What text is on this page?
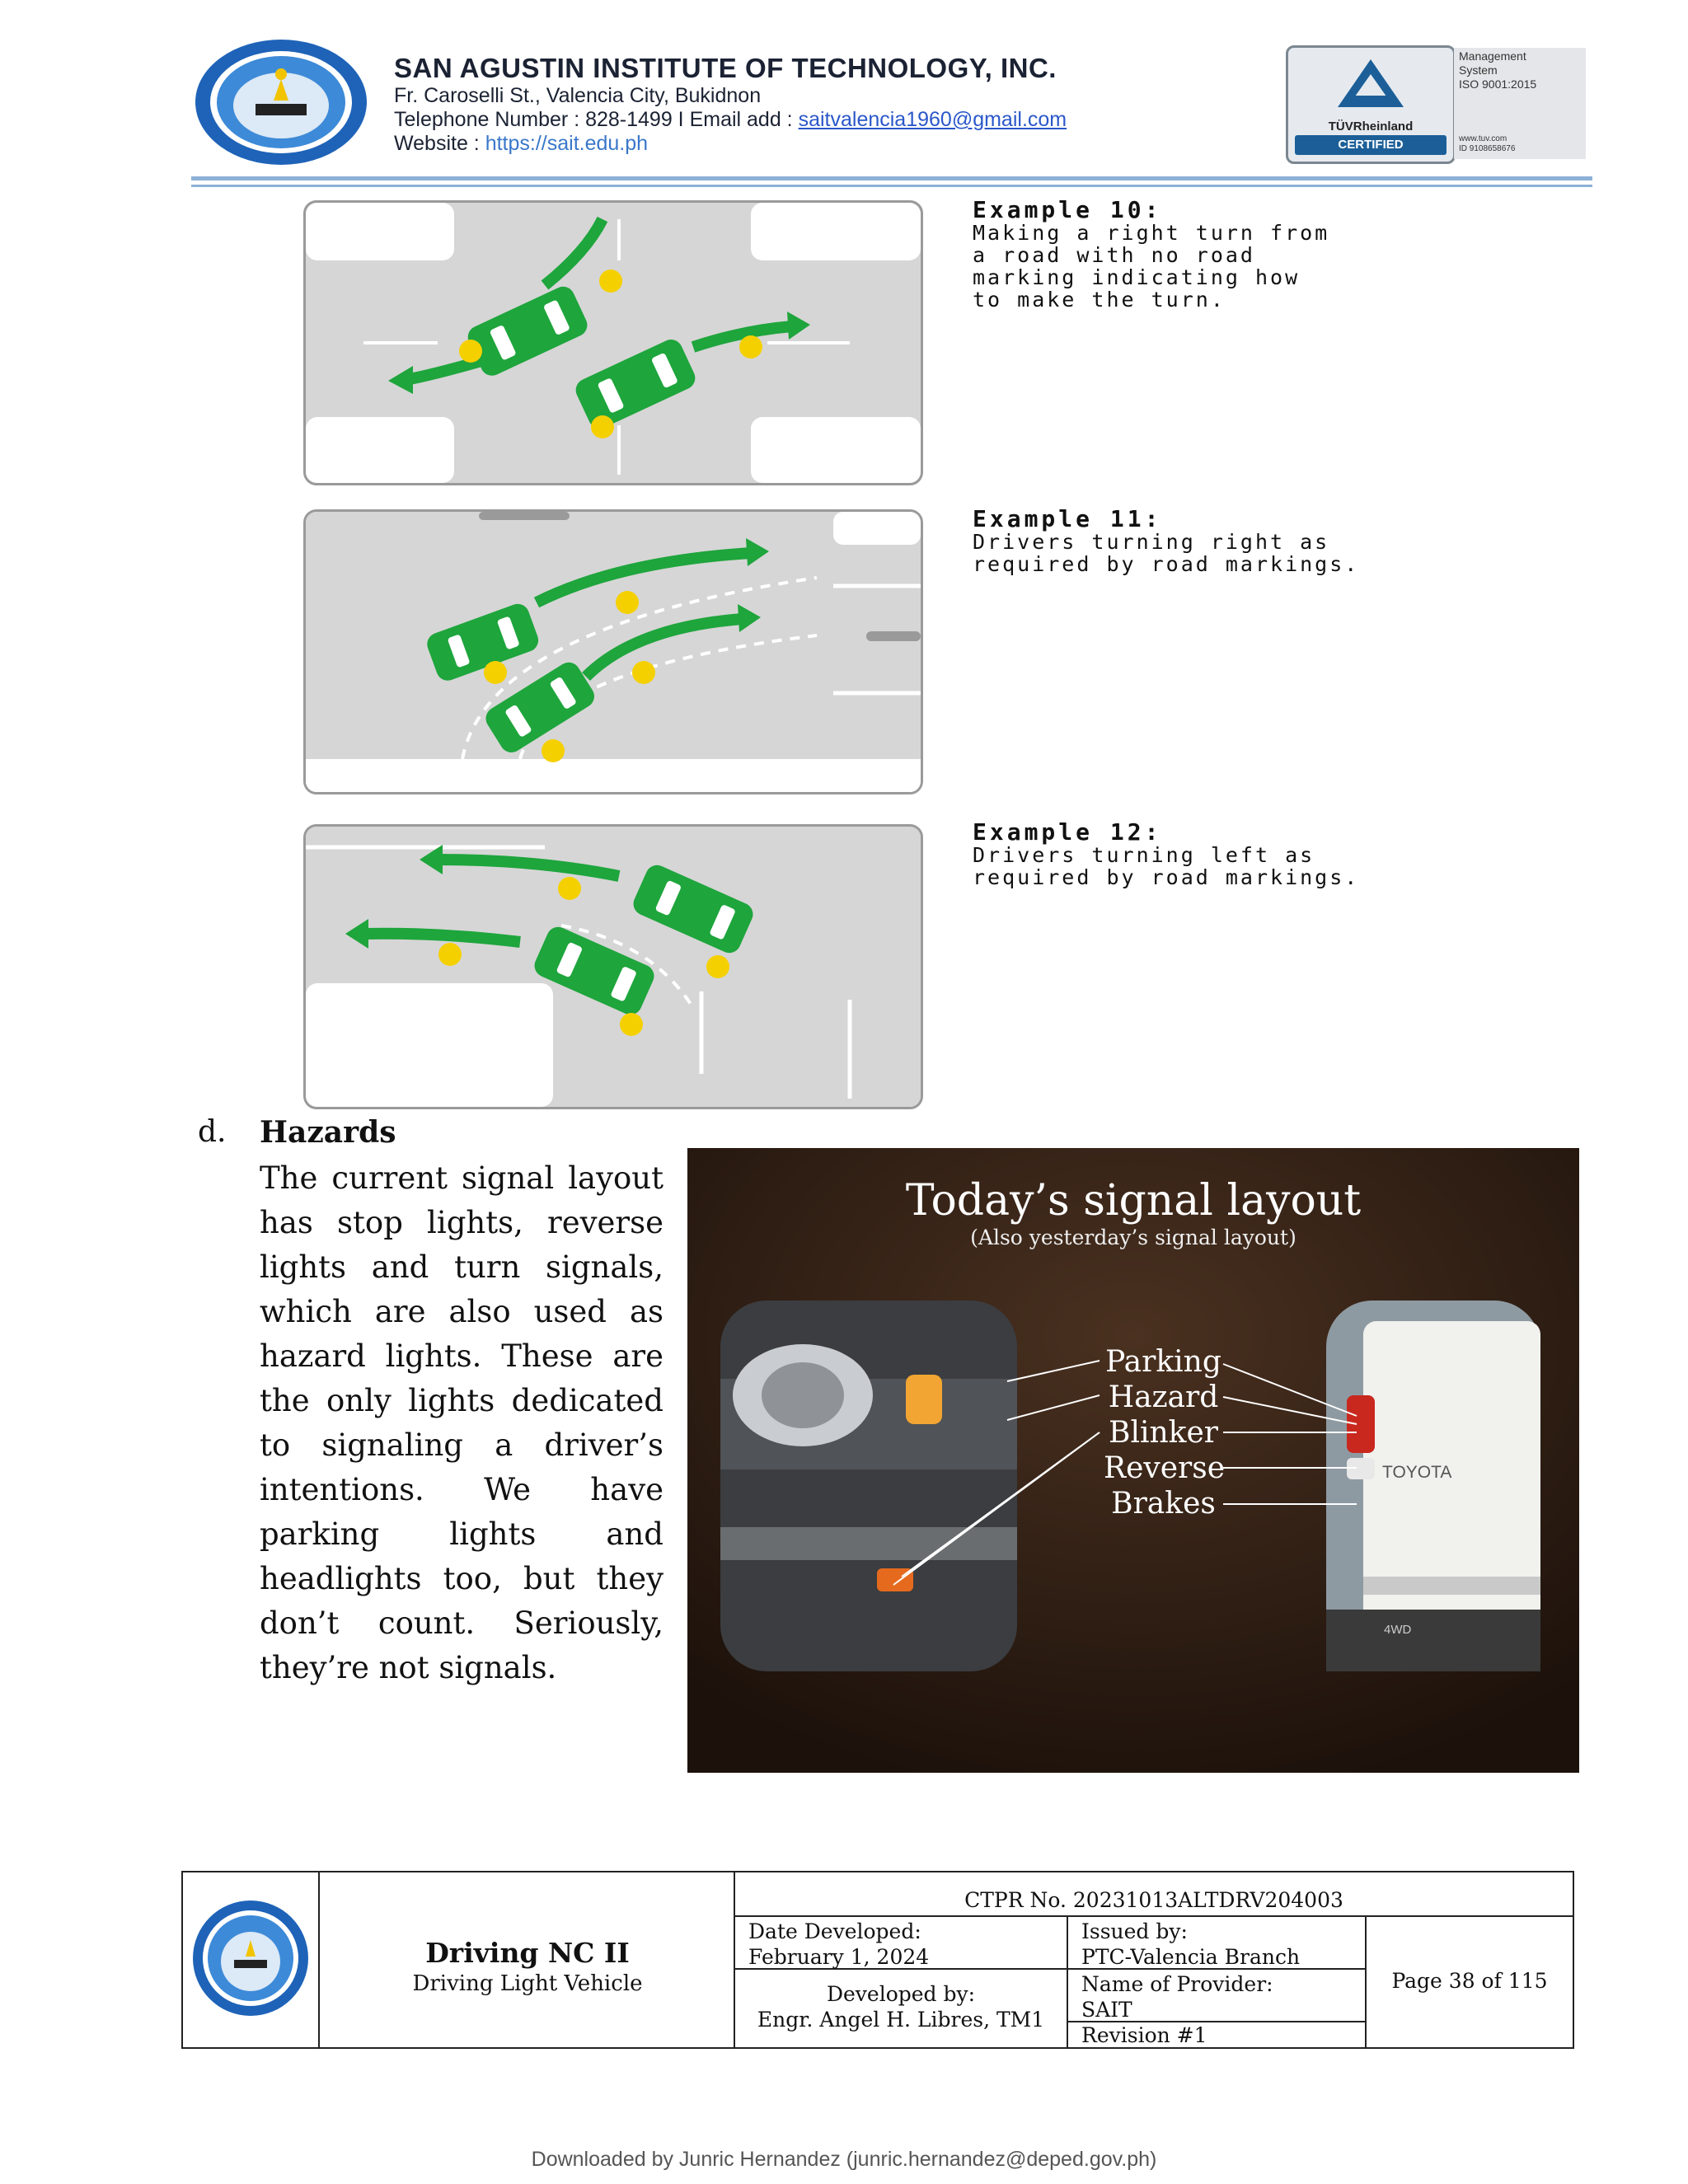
SAN AGUSTIN INSTITUTE OF TECHNOLOGY, INC.
Fr. Caroselli St., Valencia City, Bukidnon
Telephone Number : 828-1499 I Email add : saitvalencia1960@gmail.com
Website : https://sait.edu.ph
TÜVRheinland
CERTIFIED
Management System
ISO 9001:2015
www.tuv.com
ID 9108658676
Example 10:
Making a right turn from
a road with no road
marking indicating how
to make the turn.
Example 11:
Drivers turning right as
required by road markings.
Example 12:
Drivers turning left as
required by road markings.
d. Hazards
The current signal layout has stop lights, reverse lights and turn signals, which are also used as hazard lights. These are the only lights dedicated to signaling a driver’s intentions. We have parking lights and headlights too, but they don’t count. Seriously, they’re not signals.
Today’s signal layout
(Also yesterday’s signal layout)
Parking
Hazard
Blinker
Reverse
Brakes
TOYOTA
4WD
Driving NC II
Driving Light Vehicle
CTPR No. 20231013ALTDRV204003
Date Developed:
February 1, 2024
Developed by:
Engr. Angel H. Libres, TM1
Issued by:
PTC-Valencia Branch
Name of Provider:
SAIT
Revision #1
Page 38 of 115
Downloaded by Junric Hernandez (junric.hernandez@deped.gov.ph)
